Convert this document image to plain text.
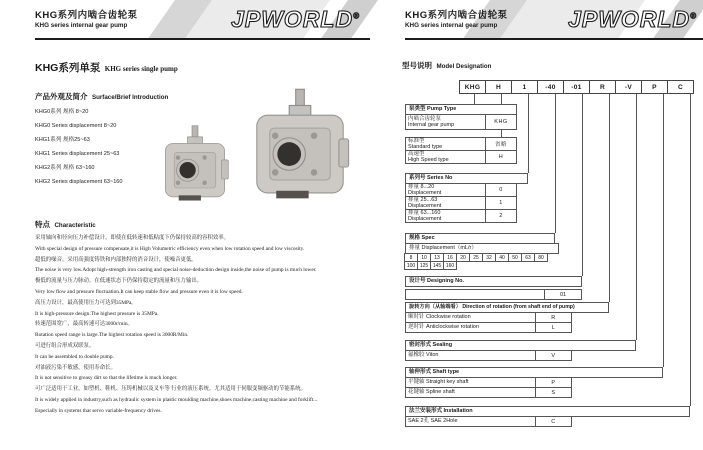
KHG系列内啮合齿轮泵
KHG series internal gear pump	JPWORLD®
KHG系列单泵 KHG series single pump
产品外观及简介 Surface/Brief Introduction
KHG0系列 规格 8~20
KHG0 Series displacement 8~20
KHG1系列 规格25~63
KHG1 Series displacement 25~63
KHG2系列 规格 63~160
KHG2 Series displacement 63~160
特点 Characteristic
采用轴向和径向压力补偿设计，即使在低转速和低粘度下仍保持较高的容积效率。
With special design of pressure compensate,it is High Volumetric efficiency even when low rotation speed and low viscosity.
超低的噪音。采用高强度铸铁和内部独特的消音设计，使噪音更低。
The noise is very low.Adopt high-strength iron casting and special noise-deduction design inside,the noise of pump is much lower.
极低的流量与压力脉动。在低速状态下仍保持稳定的流量和压力输出。
Very low flow and pressure fluctuation.It can keep stable flow and pressure even it is low speed.
高压力设计，最高使用压力可达到35MPa。
It is high-pressure design.The highest pressure is 35MPa.
转速范围宽广，最高转速可达3000r/min。
Rotation speed range is large.The highest rotation speed is 3000R/Min.
可进行组合形成双联泵。
It can be assembled to double pump.
对油液污染不敏感，使用寿命长。
It is not sensitive to greasy dirt so that the lifetime is much longer.
可广泛适用于工业，如塑机、鞋机、压铸机械以及叉车等 行业的液压系统。尤其适用于伺服变频驱动的节能系统。
It is widely applied in industry,such as hydraulic system in plastic moulding machine,shoes machine,casting machine and forklift...
Especially in systems that servo variable-frequency drives.
KHG系列内啮合齿轮泵
KHG series internal gear pump	JPWORLD®
型号说明 Model Designation
KHG	H	1	-40	-01	R	-V	P	C
泵类型 Pump Type
内啮合齿轮泵
Internal gear pump	KHG
标准型
Standard type	省略
高速型
High Speed type	H
系列号 Series No
排量 8...20
Displacement	0
排量 25...63
Displacement	1
排量 63...160
Displacement	2
规格 Spec
排量 Displacement（mL/r）
8	10	13	16	20	25	32	40	50	63	80
100 125 145 160
设计号 Designing No.
01
旋转方向（从轴端看） Direction of rotation (from shaft end of pump)
顺时针 Clockwise rotation	R
逆时针 Anticlockwise rotation	L
密封形式 Sealing
氟橡胶 Viton	V
轴伸形式 Shaft type
平键轴 Straight key shaft	P
花键轴 Spline shaft	S
法兰安装形式 Installation
SAE 2孔 SAE 2Hole	C
